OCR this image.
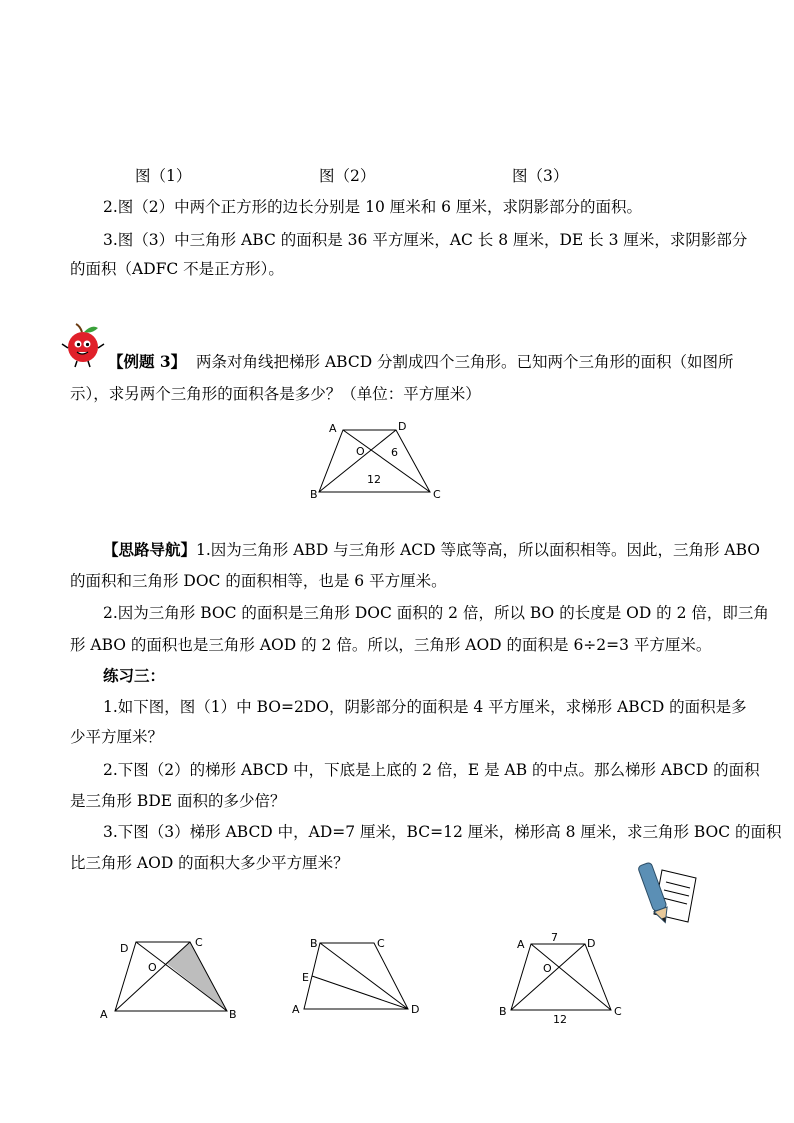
图（1）	图（2）	图（3）
2.图（2）中两个正方形的边长分别是 10 厘米和 6 厘米，求阴影部分的面积。
3.图（3）中三角形 ABC 的面积是 36 平方厘米，AC 长 8 厘米，DE 长 3 厘米，求阴影部分
的面积（ADFC 不是正方形）。
【例题 3】 两条对角线把梯形 ABCD 分割成四个三角形。已知两个三角形的面积（如图所
示），求另两个三角形的面积各是多少？（单位：平方厘米）
A	D
O 6
12
B	C
【思路导航】1.因为三角形 ABD 与三角形 ACD 等底等高，所以面积相等。因此，三角形 ABO
的面积和三角形 DOC 的面积相等，也是 6 平方厘米。
2.因为三角形 BOC 的面积是三角形 DOC 面积的 2 倍，所以 BO 的长度是 OD 的 2 倍，即三角
形 ABO 的面积也是三角形 AOD 的 2 倍。所以，三角形 AOD 的面积是 6÷2=3 平方厘米。
练习三：
1.如下图，图（1）中 BO=2DO，阴影部分的面积是 4 平方厘米，求梯形 ABCD 的面积是多
少平方厘米？
2.下图（2）的梯形 ABCD 中，下底是上底的 2 倍，E 是 AB 的中点。那么梯形 ABCD 的面积
是三角形 BDE 面积的多少倍？
3.下图（3）梯形 ABCD 中，AD=7 厘米，BC=12 厘米，梯形高 8 厘米，求三角形 BOC 的面积
比三角形 AOD 的面积大多少平方厘米？
D	C
O
A	B
B	C
E
A	D
7
A	D
O
B	C
12
